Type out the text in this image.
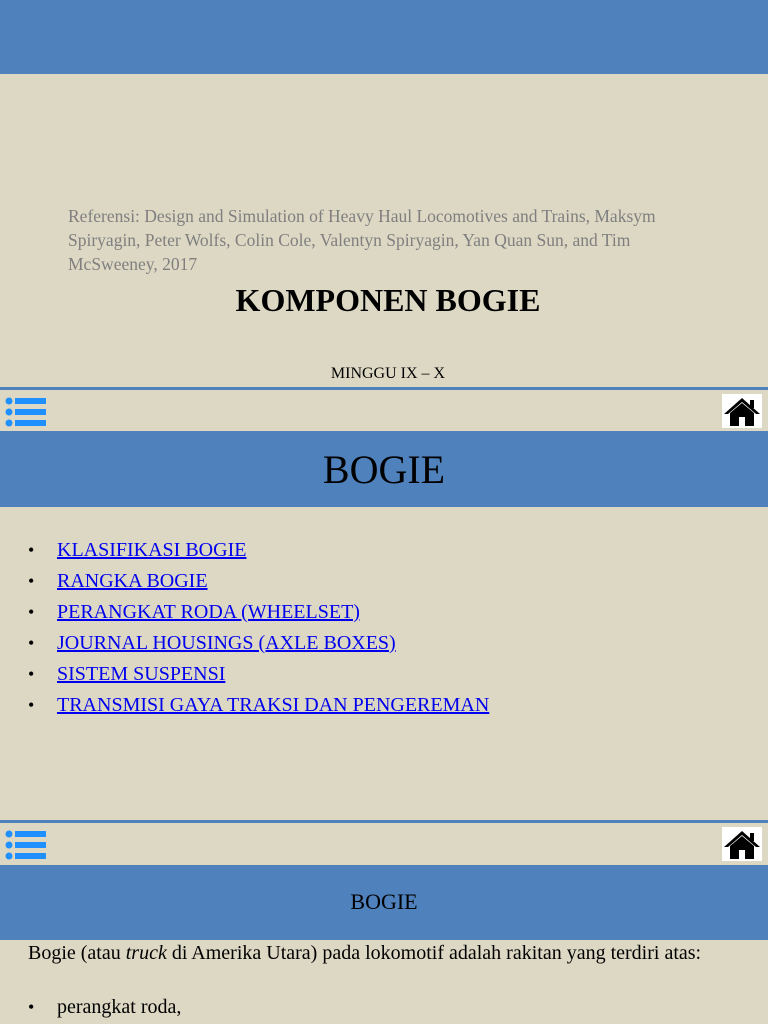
Referensi: Design and Simulation of Heavy Haul Locomotives and Trains, Maksym Spiryagin, Peter Wolfs, Colin Cole, Valentyn Spiryagin, Yan Quan Sun, and Tim McSweeney, 2017
KOMPONEN BOGIE
MINGGU IX – X
BOGIE
• KLASIFIKASI BOGIE
• RANGKA BOGIE
• PERANGKAT RODA (WHEELSET)
• JOURNAL HOUSINGS (AXLE BOXES)
• SISTEM SUSPENSI
• TRANSMISI GAYA TRAKSI DAN PENGEREMAN
BOGIE

Bogie (atau truck di Amerika Utara) pada lokomotif adalah rakitan yang terdiri atas:

• perangkat roda,
